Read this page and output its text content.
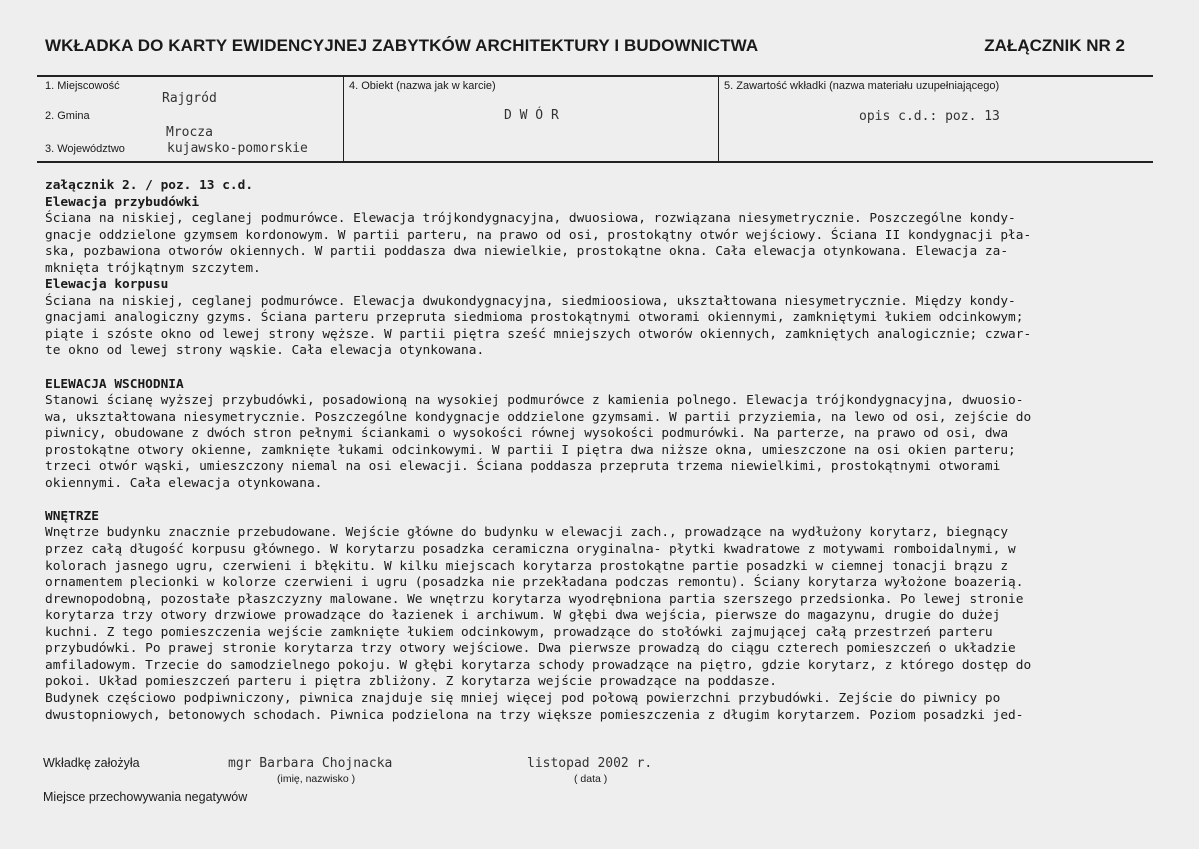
WKŁADKA DO KARTY EWIDENCYJNEJ ZABYTKÓW ARCHITEKTURY I BUDOWNICTWA	ZAŁĄCZNIK NR 2
1. Miejscowość
Rajgród
2. Gmina
Mrocza
3. Województwo	kujawsko-pomorskie
4. Obiekt (nazwa jak w karcie)
D W Ó R
5. Zawartość wkładki (nazwa materiału uzupełniającego)
opis c.d.: poz. 13

załącznik 2. / poz. 13 c.d.

Elewacja przybudówki

Ściana na niskiej, ceglanej podmurówce. Elewacja trójkondygnacyjna, dwuosiowa, rozwiązana niesymetrycznie. Poszczególne kondy-

gnacje oddzielone gzymsem kordonowym. W partii parteru, na prawo od osi, prostokątny otwór wejściowy. Ściana II kondygnacji pła-

ska, pozbawiona otworów okiennych. W partii poddasza dwa niewielkie, prostokątne okna. Cała elewacja otynkowana. Elewacja za-

mknięta trójkątnym szczytem.

Elewacja korpusu

Ściana na niskiej, ceglanej podmurówce. Elewacja dwukondygnacyjna, siedmioosiowa, ukształtowana niesymetrycznie. Między kondy-

gnacjami analogiczny gzyms. Ściana parteru przeprutа siedmioma prostokątnymi otworami okiennymi, zamkniętymi łukiem odcinkowym;

piąte i szóste okno od lewej strony węższe. W partii piętra sześć mniejszych otworów okiennych, zamkniętych analogicznie; czwar-

te okno od lewej strony wąskie. Cała elewacja otynkowana.

ELEWACJA WSCHODNIA

Stanowi ścianę wyższej przybudówki, posadowioną na wysokiej podmurówce z kamienia polnego. Elewacja trójkondygnacyjna, dwuosio-

wa, ukształtowana niesymetrycznie. Poszczególne kondygnacje oddzielone gzymsami. W partii przyziemia, na lewo od osi, zejście do

piwnicy, obudowane z dwóch stron pełnymi ściankami o wysokości równej wysokości podmurówki. Na parterze, na prawo od osi, dwa

prostokątne otwory okienne, zamknięte łukami odcinkowymi. W partii I piętra dwa niższe okna, umieszczone na osi okien parteru;

trzeci otwór wąski, umieszczony niemal na osi elewacji. Ściana poddasza przeprutа trzema niewielkimi, prostokątnymi otworami

okiennymi. Cała elewacja otynkowana.

WNĘTRZE

Wnętrze budynku znacznie przebudowane. Wejście główne do budynku w elewacji zach., prowadzące na wydłużony korytarz, biegnący

przez całą długość korpusu głównego. W korytarzu posadzka ceramiczna oryginalna- płytki kwadratowe z motywami romboidalnymi, w

kolorach jasnego ugru, czerwieni i błękitu. W kilku miejscach korytarza prostokątne partie posadzki w ciemnej tonacji brązu z

ornamentem plecionki w kolorze czerwieni i ugru (posadzka nie przekładana podczas remontu). Ściany korytarza wyłożone boazerią.

drewnopodobną, pozostałe płaszczyzny malowane. We wnętrzu korytarza wyodrębniona partia szerszego przedsionka. Po lewej stronie

korytarza trzy otwory drzwiowe prowadzące do łazienek i archiwum. W głębi dwa wejścia, pierwsze do magazynu, drugie do dużej

kuchni. Z tego pomieszczenia wejście zamknięte łukiem odcinkowym, prowadzące do stołówki zajmującej całą przestrzeń parteru

przybudówki. Po prawej stronie korytarza trzy otwory wejściowe. Dwa pierwsze prowadzą do ciągu czterech pomieszczeń o układzie

amfiladowym. Trzecie do samodzielnego pokoju. W głębi korytarza schody prowadzące na piętro, gdzie korytarz, z którego dostęp do

pokoi. Układ pomieszczeń parteru i piętra zbliżony. Z korytarza wejście prowadzące na poddasze.

Budynek częściowo podpiwniczony, piwnica znajduje się mniej więcej pod połową powierzchni przybudówki. Zejście do piwnicy po

dwustopniowych, betonowych schodach. Piwnica podzielona na trzy większe pomieszczenia z długim korytarzem. Poziom posadzki jed-

Wkładkę założyła	mgr Barbara Chojnacka
(imię, nazwisko )
listopad 2002 r.
( data )
Miejsce przechowywania negatywów
